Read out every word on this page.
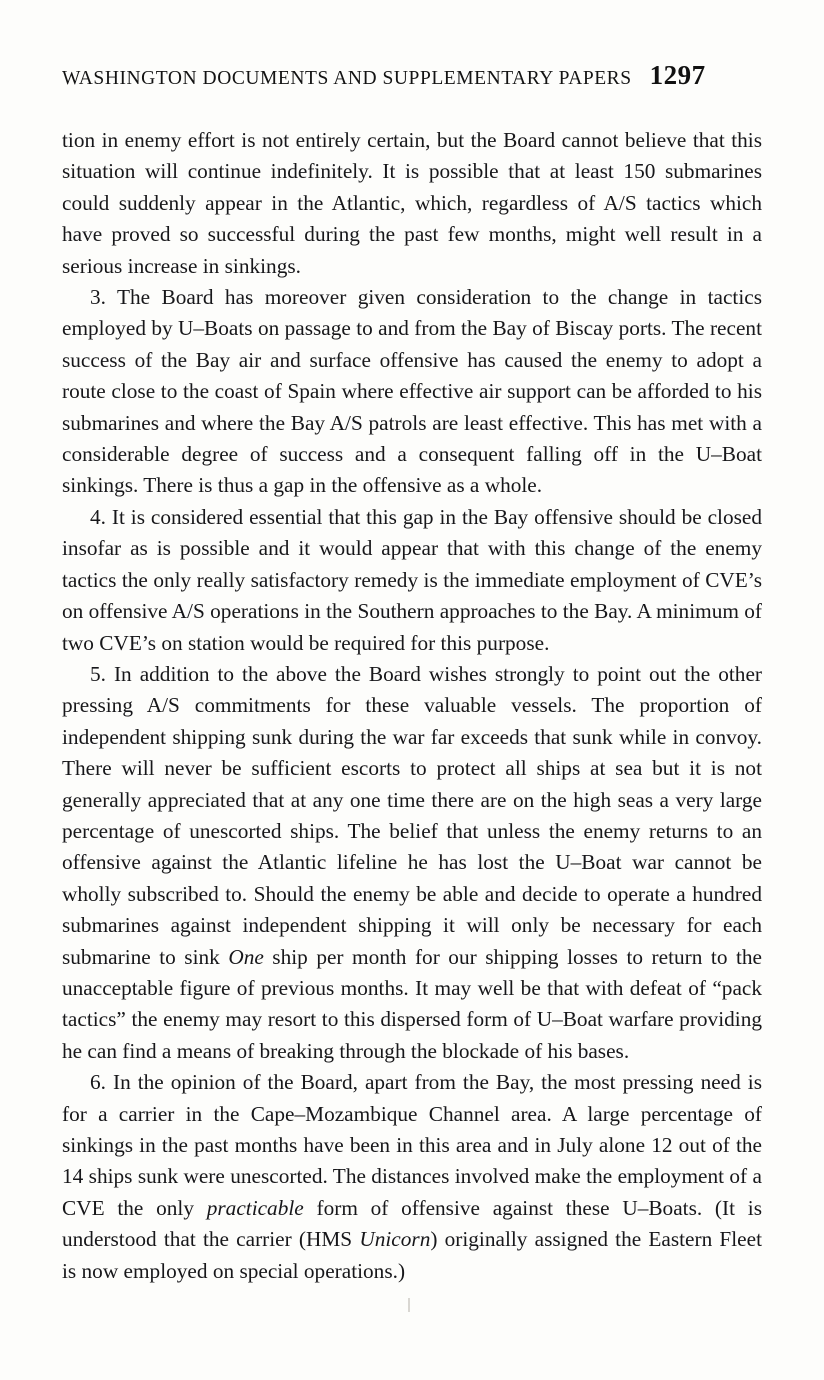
WASHINGTON DOCUMENTS AND SUPPLEMENTARY PAPERS 1297

tion in enemy effort is not entirely certain, but the Board cannot believe that this situation will continue indefinitely. It is possible that at least 150 submarines could suddenly appear in the Atlantic, which, regardless of A/S tactics which have proved so successful during the past few months, might well result in a serious increase in sinkings.

3. The Board has moreover given consideration to the change in tactics employed by U–Boats on passage to and from the Bay of Biscay ports. The recent success of the Bay air and surface offensive has caused the enemy to adopt a route close to the coast of Spain where effective air support can be afforded to his submarines and where the Bay A/S patrols are least effective. This has met with a considerable degree of success and a consequent falling off in the U–Boat sinkings. There is thus a gap in the offensive as a whole.

4. It is considered essential that this gap in the Bay offensive should be closed insofar as is possible and it would appear that with this change of the enemy tactics the only really satisfactory remedy is the immediate employment of CVE’s on offensive A/S operations in the Southern approaches to the Bay. A minimum of two CVE’s on station would be required for this purpose.

5. In addition to the above the Board wishes strongly to point out the other pressing A/S commitments for these valuable vessels. The proportion of independent shipping sunk during the war far exceeds that sunk while in convoy. There will never be sufficient escorts to protect all ships at sea but it is not generally appreciated that at any one time there are on the high seas a very large percentage of unescorted ships. The belief that unless the enemy returns to an offensive against the Atlantic lifeline he has lost the U–Boat war cannot be wholly subscribed to. Should the enemy be able and decide to operate a hundred submarines against independent shipping it will only be necessary for each submarine to sink One ship per month for our shipping losses to return to the unacceptable figure of previous months. It may well be that with defeat of “pack tactics” the enemy may resort to this dispersed form of U–Boat warfare providing he can find a means of breaking through the blockade of his bases.

6. In the opinion of the Board, apart from the Bay, the most pressing need is for a carrier in the Cape–Mozambique Channel area. A large percentage of sinkings in the past months have been in this area and in July alone 12 out of the 14 ships sunk were unescorted. The distances involved make the employment of a CVE the only practicable form of offensive against these U–Boats. (It is understood that the carrier (HMS Unicorn) originally assigned the Eastern Fleet is now employed on special operations.)
